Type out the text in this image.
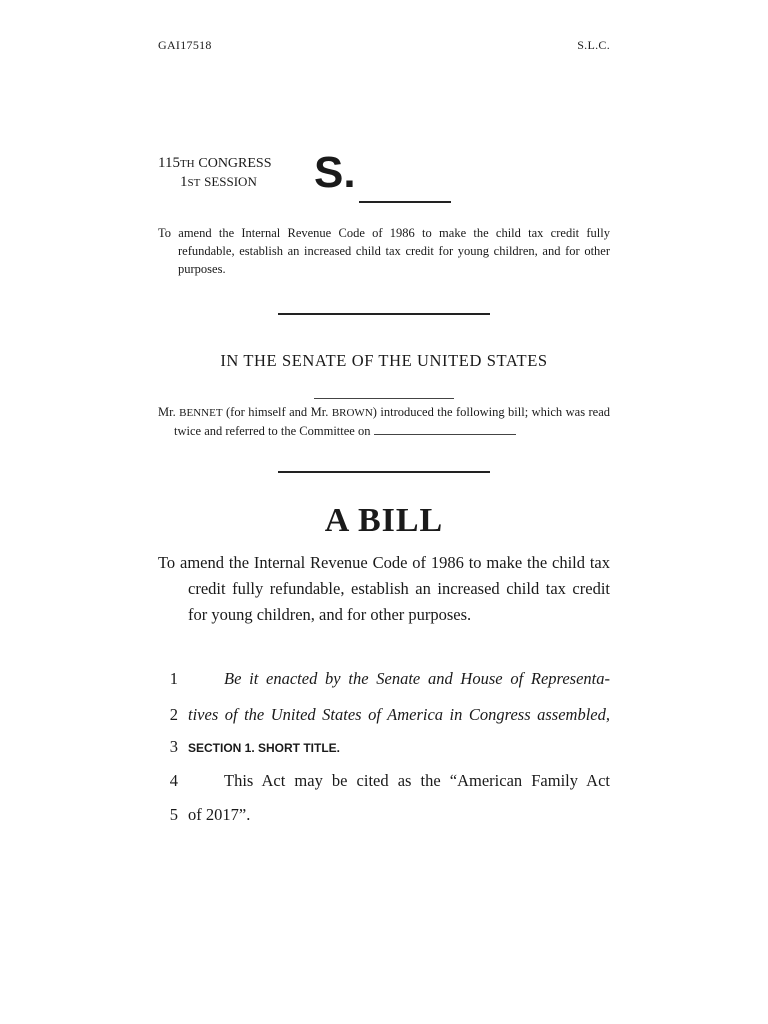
GAI17518	S.L.C.
115TH CONGRESS
1ST SESSION	S.
To amend the Internal Revenue Code of 1986 to make the child tax credit fully refundable, establish an increased child tax credit for young children, and for other purposes.
IN THE SENATE OF THE UNITED STATES
Mr. BENNET (for himself and Mr. BROWN) introduced the following bill; which was read twice and referred to the Committee on
A BILL
To amend the Internal Revenue Code of 1986 to make the child tax credit fully refundable, establish an increased child tax credit for young children, and for other purposes.
1	Be it enacted by the Senate and House of Representa-
2 tives of the United States of America in Congress assembled,
3 SECTION 1. SHORT TITLE.
4	This Act may be cited as the “American Family Act
5 of 2017”.
